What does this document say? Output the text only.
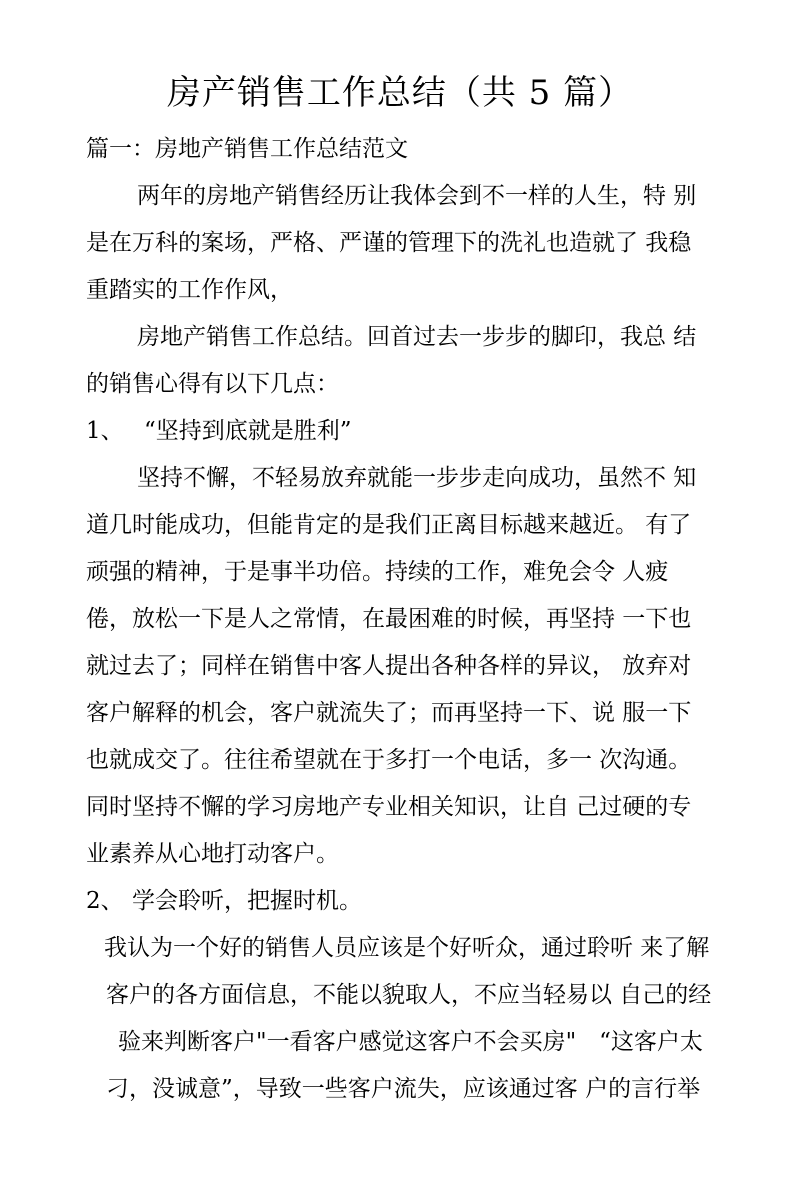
房产销售工作总结（共 5 篇）
篇一：房地产销售工作总结范文
两年的房地产销售经历让我体会到不一样的人生，特 别
是在万科的案场，严格、严谨的管理下的洗礼也造就了 我稳
重踏实的工作作风，
房地产销售工作总结。回首过去一步步的脚印，我总 结
的销售心得有以下几点：
1、 “坚持到底就是胜利”
坚持不懈，不轻易放弃就能一步步走向成功，虽然不 知
道几时能成功，但能肯定的是我们正离目标越来越近。 有了
顽强的精神，于是事半功倍。持续的工作，难免会令 人疲
倦，放松一下是人之常情，在最困难的时候，再坚持 一下也
就过去了；同样在销售中客人提出各种各样的异议， 放弃对
客户解释的机会，客户就流失了；而再坚持一下、说 服一下
也就成交了。往往希望就在于多打一个电话，多一 次沟通。
同时坚持不懈的学习房地产专业相关知识，让自 己过硬的专
业素养从心地打动客户。
2、 学会聆听，把握时机。
我认为一个好的销售人员应该是个好听众，通过聆听 来了解
客户的各方面信息，不能以貌取人，不应当轻易以 自己的经
验来判断客户"一看客户感觉这客户不会买房"　“这客户太
刁，没诚意”，导致一些客户流失，应该通过客 户的言行举
